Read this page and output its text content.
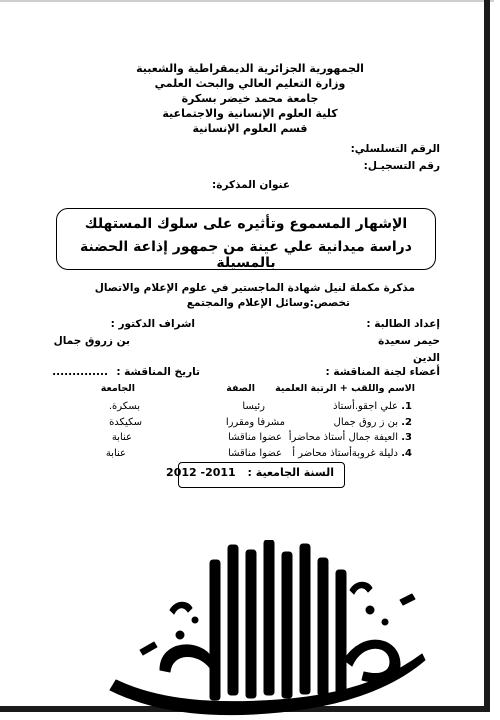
الجمهورية الجزائرية الديمقراطية والشعبية
وزارة التعليم العالي والبحث العلمي
جامعة محمد خيضر بسكرة
كلية العلوم الإنسانية والاجتماعية
قسم العلوم الإنسانية
الرقم التسلسلي:
رقم التسجيـل:
عنوان المذكرة:
الإشهار المسموع وتأثيره على سلوك المستهلك
دراسة ميدانية علي عينة من جمهور إذاعة الحضنة بالمسيلة
مذكرة مكملة لنيل شهادة الماجستير في علوم الإعلام والاتصال
تخصص:وسائل الإعلام والمجتمع
إعداد الطالبة :
حيمر سعيدة
الدين
اشراف الدكتور :
بن زروق جمال
أعضاء لجنة المناقشة :
تاريخ المناقشة :
..............
الاسم واللقب + الرتبة العلمية
الصفة
الجامعة
1.
علي اجقو.أستاذ
رئيسا
بسكرة.
2.
بن ز روق جمال
مشرفا ومقررا
سكيكدة
3.
العيفة جمال أستاذ محاضرأ
عضوا مناقشا
عنابة
4.
دليلة غروبةأستاذ محاضر أ
عضوا مناقشا
عنابة
السنة الجامعية : 2011- 2012
